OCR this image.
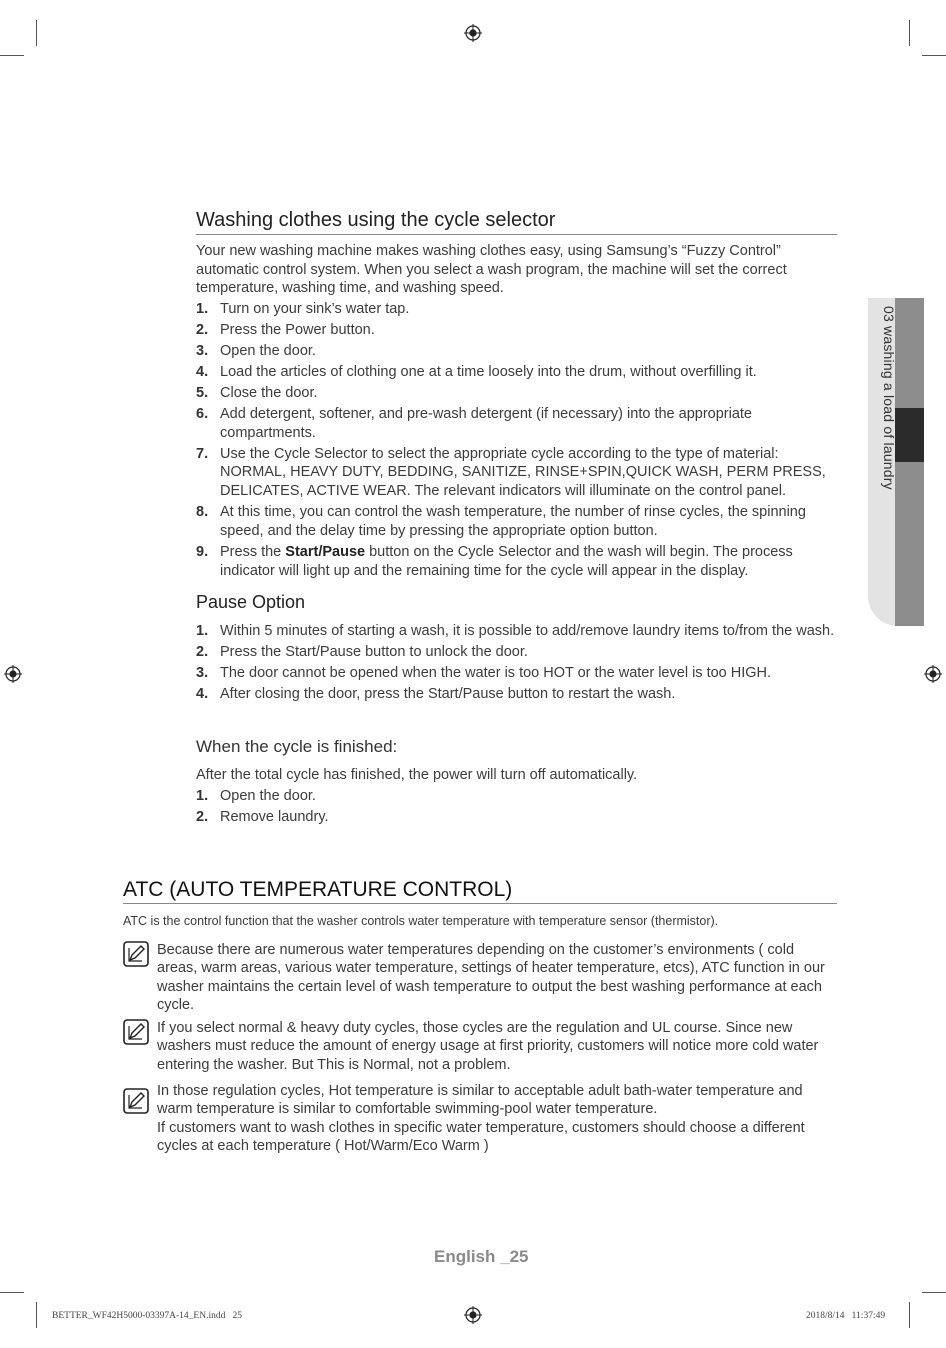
03 washing a load of laundry
Washing clothes using the cycle selector

Your new washing machine makes washing clothes easy, using Samsung’s “Fuzzy Control” automatic control system. When you select a wash program, the machine will set the correct temperature, washing time, and washing speed.

1. Turn on your sink’s water tap.
2. Press the Power button.
3. Open the door.
4. Load the articles of clothing one at a time loosely into the drum, without overfilling it.
5. Close the door.
6. Add detergent, softener, and pre-wash detergent (if necessary) into the appropriate compartments.
7. Use the Cycle Selector to select the appropriate cycle according to the type of material: NORMAL, HEAVY DUTY, BEDDING, SANITIZE, RINSE+SPIN,QUICK WASH, PERM PRESS, DELICATES, ACTIVE WEAR. The relevant indicators will illuminate on the control panel.
8. At this time, you can control the wash temperature, the number of rinse cycles, the spinning speed, and the delay time by pressing the appropriate option button.
9. Press the Start/Pause button on the Cycle Selector and the wash will begin. The process indicator will light up and the remaining time for the cycle will appear in the display.
Pause Option
1. Within 5 minutes of starting a wash, it is possible to add/remove laundry items to/from the wash.
2. Press the Start/Pause button to unlock the door.
3. The door cannot be opened when the water is too HOT or the water level is too HIGH.
4. After closing the door, press the Start/Pause button to restart the wash.
When the cycle is finished:

After the total cycle has finished, the power will turn off automatically.

1. Open the door.
2. Remove laundry.
ATC (AUTO TEMPERATURE CONTROL)

ATC is the control function that the washer controls water temperature with temperature sensor (thermistor).

Because there are numerous water temperatures depending on the customer’s environments ( cold areas, warm areas, various water temperature, settings of heater temperature, etcs), ATC function in our washer maintains the certain level of wash temperature to output the best washing performance at each cycle.

If you select normal & heavy duty cycles, those cycles are the regulation and UL course. Since new washers must reduce the amount of energy usage at first priority, customers will notice more cold water entering the washer. But This is Normal, not a problem.

In those regulation cycles, Hot temperature is similar to acceptable adult bath-water temperature and warm temperature is similar to comfortable swimming-pool water temperature.
If customers want to wash clothes in specific water temperature, customers should choose a different cycles at each temperature ( Hot/Warm/Eco Warm )

English _25
BETTER_WF42H5000-03397A-14_EN.indd   25	2018/8/14   11:37:49
